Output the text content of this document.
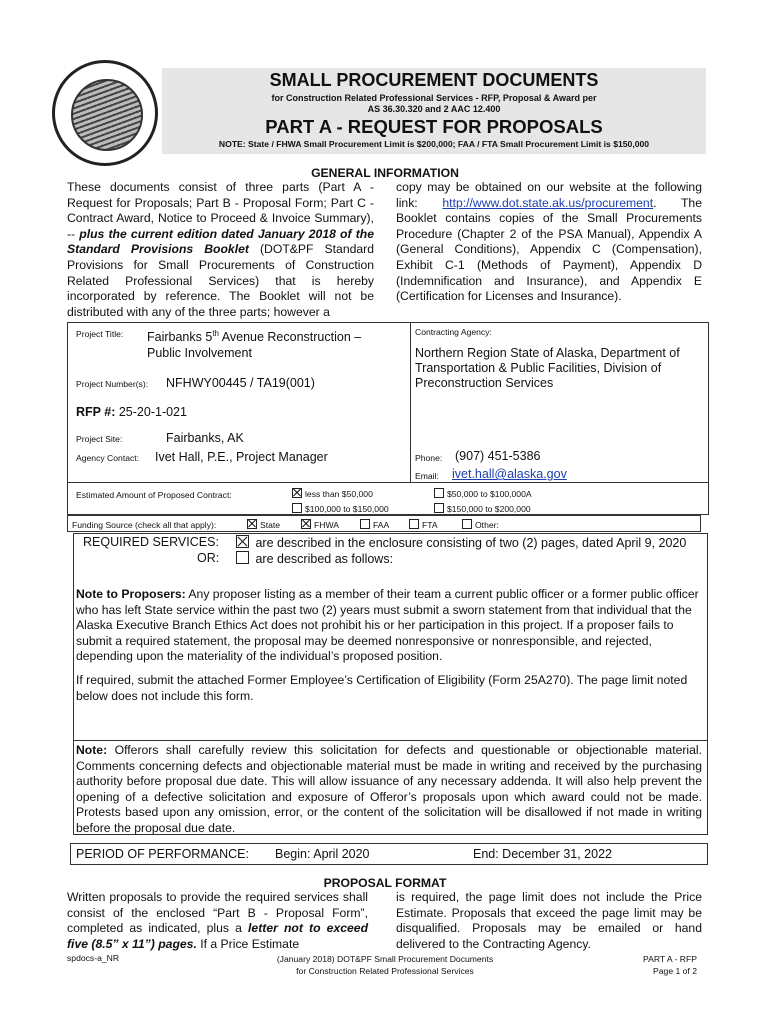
SMALL PROCUREMENT DOCUMENTS
for Construction Related Professional Services - RFP, Proposal & Award per
AS 36.30.320 and 2 AAC 12.400
PART A - REQUEST FOR PROPOSALS
NOTE: State / FHWA Small Procurement Limit is $200,000; FAA / FTA Small Procurement Limit is $150,000
GENERAL INFORMATION
These documents consist of three parts (Part A - Request for Proposals; Part B - Proposal Form; Part C - Contract Award, Notice to Proceed & Invoice Summary), -- plus the current edition dated January 2018 of the Standard Provisions Booklet (DOT&PF Standard Provisions for Small Procurements of Construction Related Professional Services) that is hereby incorporated by reference. The Booklet will not be distributed with any of the three parts; however a
copy may be obtained on our website at the following link: http://www.dot.state.ak.us/procurement. The Booklet contains copies of the Small Procurements Procedure (Chapter 2 of the PSA Manual), Appendix A (General Conditions), Appendix C (Compensation), Exhibit C-1 (Methods of Payment), Appendix D (Indemnification and Insurance), and Appendix E (Certification for Licenses and Insurance).
Project Title: Fairbanks 5th Avenue Reconstruction –
Public Involvement
Project Number(s): NFHWY00445 / TA19(001)
RFP #: 25-20-1-021
Project Site:	Fairbanks, AK
Agency Contact: Ivet Hall, P.E., Project Manager
Contracting Agency:
Northern Region State of Alaska, Department of Transportation & Public Facilities, Division of Preconstruction Services
Phone: (907) 451-5386
Email: ivet.hall@alaska.gov
Estimated Amount of Proposed Contract:	less than $50,000	$50,000 to $100,000A
$100,000 to $150,000	$150,000 to $200,000
Funding Source (check all that apply):	State	FHWA	FAA	FTA	Other:
REQUIRED SERVICES:	are described in the enclosure consisting of two (2) pages, dated April 9, 2020
OR:	are described as follows:
Note to Proposers: Any proposer listing as a member of their team a current public officer or a former public officer who has left State service within the past two (2) years must submit a sworn statement from that individual that the Alaska Executive Branch Ethics Act does not prohibit his or her participation in this project. If a proposer fails to submit a required statement, the proposal may be deemed nonresponsive or nonresponsible, and rejected, depending upon the materiality of the individual’s proposed position.
If required, submit the attached Former Employee’s Certification of Eligibility (Form 25A270). The page limit noted below does not include this form.
Note: Offerors shall carefully review this solicitation for defects and questionable or objectionable material. Comments concerning defects and objectionable material must be made in writing and received by the purchasing authority before proposal due date. This will allow issuance of any necessary addenda. It will also help prevent the opening of a defective solicitation and exposure of Offeror’s proposals upon which award could not be made. Protests based upon any omission, error, or the content of the solicitation will be disallowed if not made in writing before the proposal due date.
PERIOD OF PERFORMANCE: Begin: April 2020	End: December 31, 2022
PROPOSAL FORMAT
Written proposals to provide the required services shall consist of the enclosed “Part B - Proposal Form”, completed as indicated, plus a letter not to exceed five (8.5” x 11”) pages. If a Price Estimate
is required, the page limit does not include the Price Estimate. Proposals that exceed the page limit may be disqualified. Proposals may be emailed or hand delivered to the Contracting Agency.
spdocs-a_NR	(January 2018) DOT&PF Small Procurement Documents
for Construction Related Professional Services
PART A - RFP
Page 1 of 2
